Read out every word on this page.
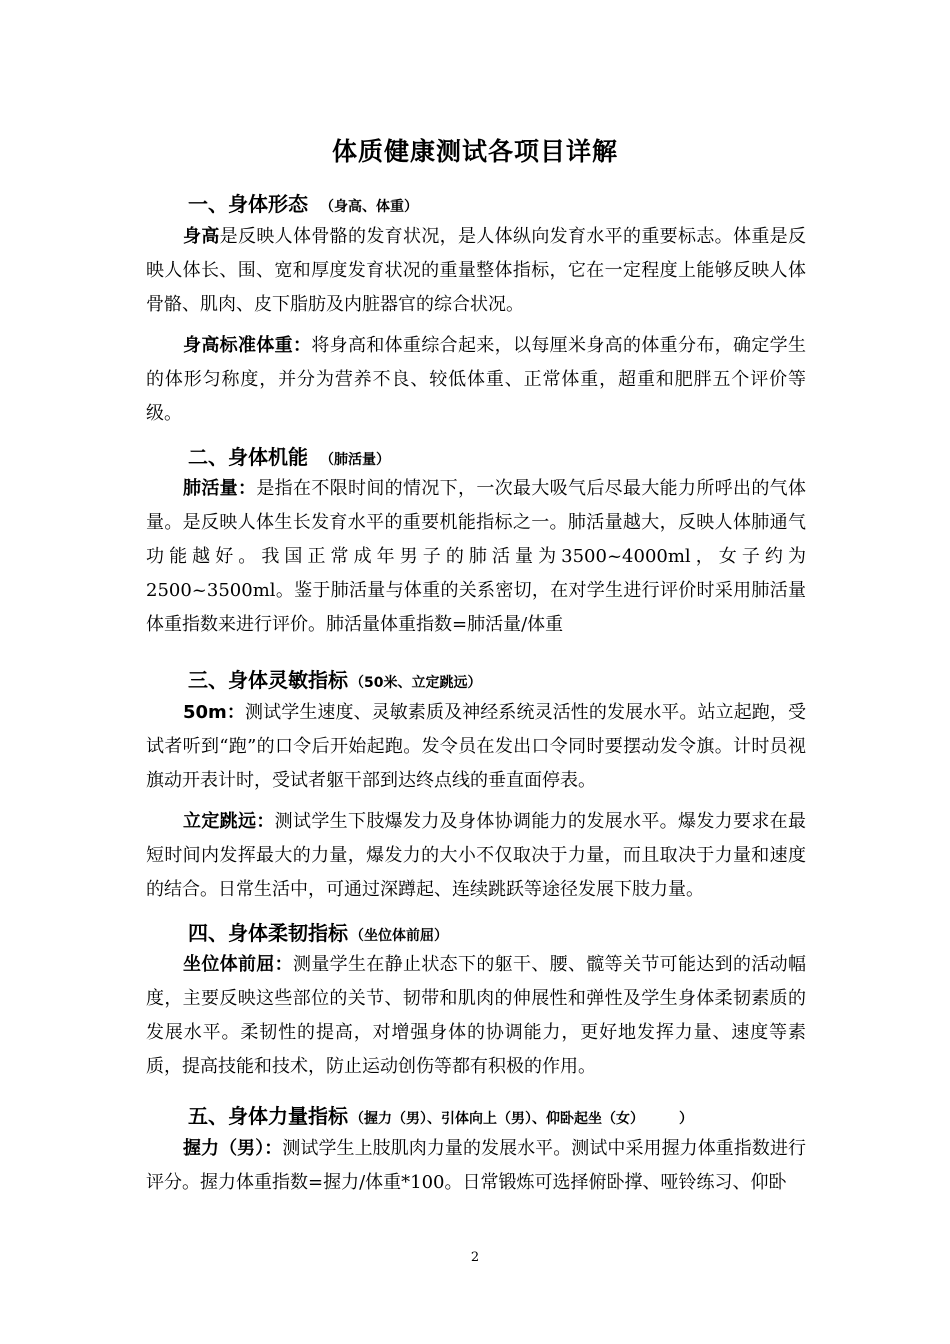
体质健康测试各项目详解
一、身体形态 （身高、体重）
身高是反映人体骨骼的发育状况，是人体纵向发育水平的重要标志。体重是反映人体长、围、宽和厚度发育状况的重量整体指标，它在一定程度上能够反映人体骨骼、肌肉、皮下脂肪及内脏器官的综合状况。
身高标准体重：将身高和体重综合起来，以每厘米身高的体重分布，确定学生的体形匀称度，并分为营养不良、较低体重、正常体重，超重和肥胖五个评价等级。
二、身体机能 （肺活量）
肺活量：是指在不限时间的情况下，一次最大吸气后尽最大能力所呼出的气体量。是反映人体生长发育水平的重要机能指标之一。肺活量越大，反映人体肺通气功能越好。我国正常成年男子的肺活量为3500~4000ml，女子约为2500~3500ml。鉴于肺活量与体重的关系密切，在对学生进行评价时采用肺活量体重指数来进行评价。肺活量体重指数=肺活量/体重
三、身体灵敏指标 （50米、立定跳远）
50m：测试学生速度、灵敏素质及神经系统灵活性的发展水平。站立起跑，受试者听到“跑”的口令后开始起跑。发令员在发出口令同时要摆动发令旗。计时员视旗动开表计时，受试者躯干部到达终点线的垂直面停表。
立定跳远：测试学生下肢爆发力及身体协调能力的发展水平。爆发力要求在最短时间内发挥最大的力量，爆发力的大小不仅取决于力量，而且取决于力量和速度的结合。日常生活中，可通过深蹲起、连续跳跃等途径发展下肢力量。
四、身体柔韧指标 （坐位体前屈）
坐位体前屈：测量学生在静止状态下的躯干、腰、髋等关节可能达到的活动幅度，主要反映这些部位的关节、韧带和肌肉的伸展性和弹性及学生身体柔韧素质的发展水平。柔韧性的提高，对增强身体的协调能力，更好地发挥力量、速度等素质，提高技能和技术，防止运动创伤等都有积极的作用。
五、身体力量指标 （握力（男）、引体向上（男）、仰卧起坐（女）　　　）
握力（男）：测试学生上肢肌肉力量的发展水平。测试中采用握力体重指数进行评分。握力体重指数=握力/体重*100。日常锻炼可选择俯卧撑、哑铃练习、仰卧
2
